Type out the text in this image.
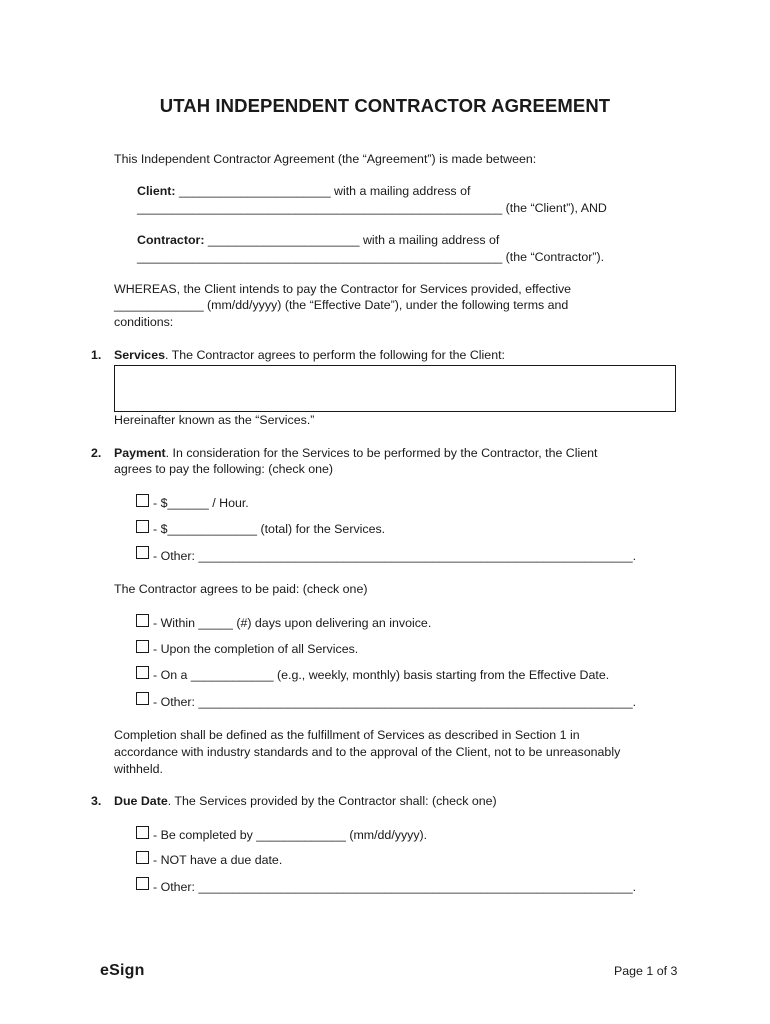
UTAH INDEPENDENT CONTRACTOR AGREEMENT
This Independent Contractor Agreement (the “Agreement”) is made between:
Client: ______________________ with a mailing address of
_____________________________________________________ (the “Client”), AND
Contractor: ______________________ with a mailing address of
_____________________________________________________ (the “Contractor”).
WHEREAS, the Client intends to pay the Contractor for Services provided, effective
_____________ (mm/dd/yyyy) (the “Effective Date”), under the following terms and
conditions:
1. Services. The Contractor agrees to perform the following for the Client:
Hereinafter known as the “Services.”
2. Payment. In consideration for the Services to be performed by the Contractor, the Client
agrees to pay the following: (check one)
- $______ / Hour.
- $_____________ (total) for the Services.
- Other: _______________________________________________________________.
The Contractor agrees to be paid: (check one)
- Within _____ (#) days upon delivering an invoice.
- Upon the completion of all Services.
- On a ____________ (e.g., weekly, monthly) basis starting from the Effective Date.
- Other: _______________________________________________________________.
Completion shall be defined as the fulfillment of Services as described in Section 1 in
accordance with industry standards and to the approval of the Client, not to be unreasonably
withheld.
3. Due Date. The Services provided by the Contractor shall: (check one)
- Be completed by _____________ (mm/dd/yyyy).
- NOT have a due date.
- Other: _______________________________________________________________.
eSign	Page 1 of 3
